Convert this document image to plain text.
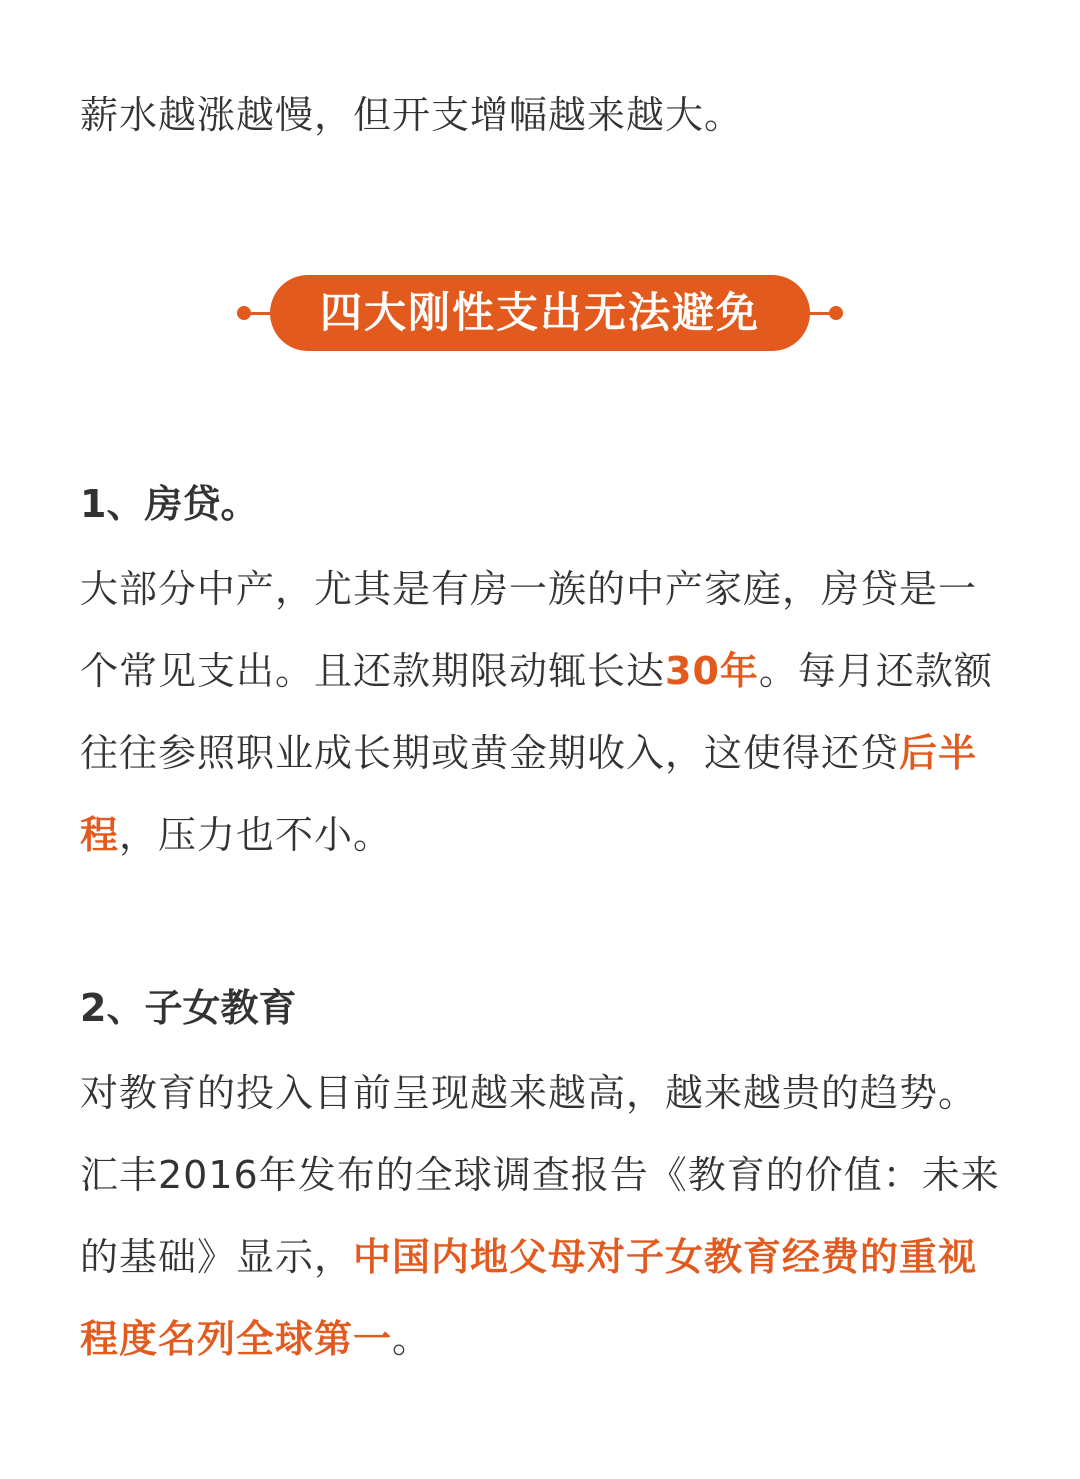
薪水越涨越慢，但开支增幅越来越大。

四大刚性支出无法避免
1、房贷。

大部分中产，尤其是有房一族的中产家庭，房贷是一个常见支出。且还款期限动辄长达30年。每月还款额往往参照职业成长期或黄金期收入，这使得还贷后半程，压力也不小。

2、子女教育

对教育的投入目前呈现越来越高，越来越贵的趋势。汇丰2016年发布的全球调查报告《教育的价值：未来的基础》显示，中国内地父母对子女教育经费的重视程度名列全球第一。
